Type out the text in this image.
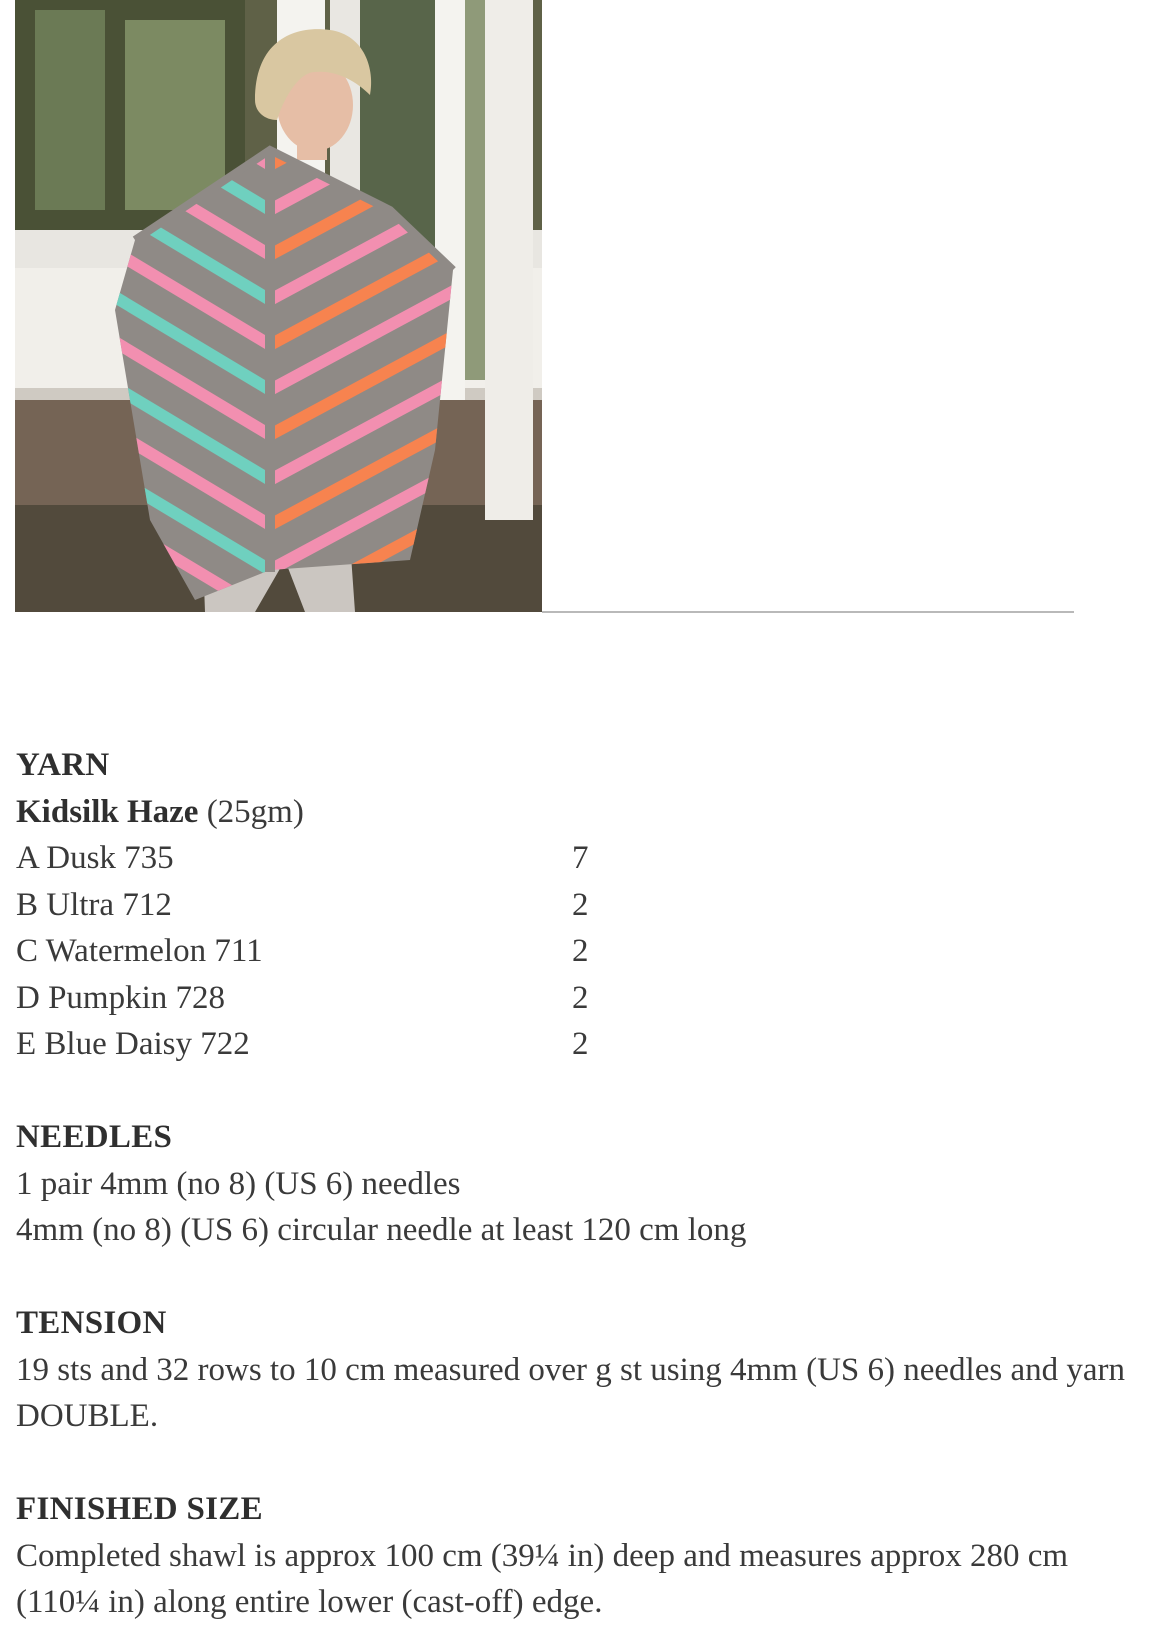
YARN
Kidsilk Haze (25gm)
A Dusk 735	7
B Ultra 712	2
C Watermelon 711	2
D Pumpkin 728	2
E Blue Daisy 722	2
NEEDLES

1 pair 4mm (no 8) (US 6) needles

4mm (no 8) (US 6) circular needle at least 120 cm long

TENSION

19 sts and 32 rows to 10 cm measured over g st using 4mm (US 6) needles and yarn DOUBLE.

FINISHED SIZE

Completed shawl is approx 100 cm (39¼ in) deep and measures approx 280 cm (110¼ in) along entire lower (cast-off) edge.
